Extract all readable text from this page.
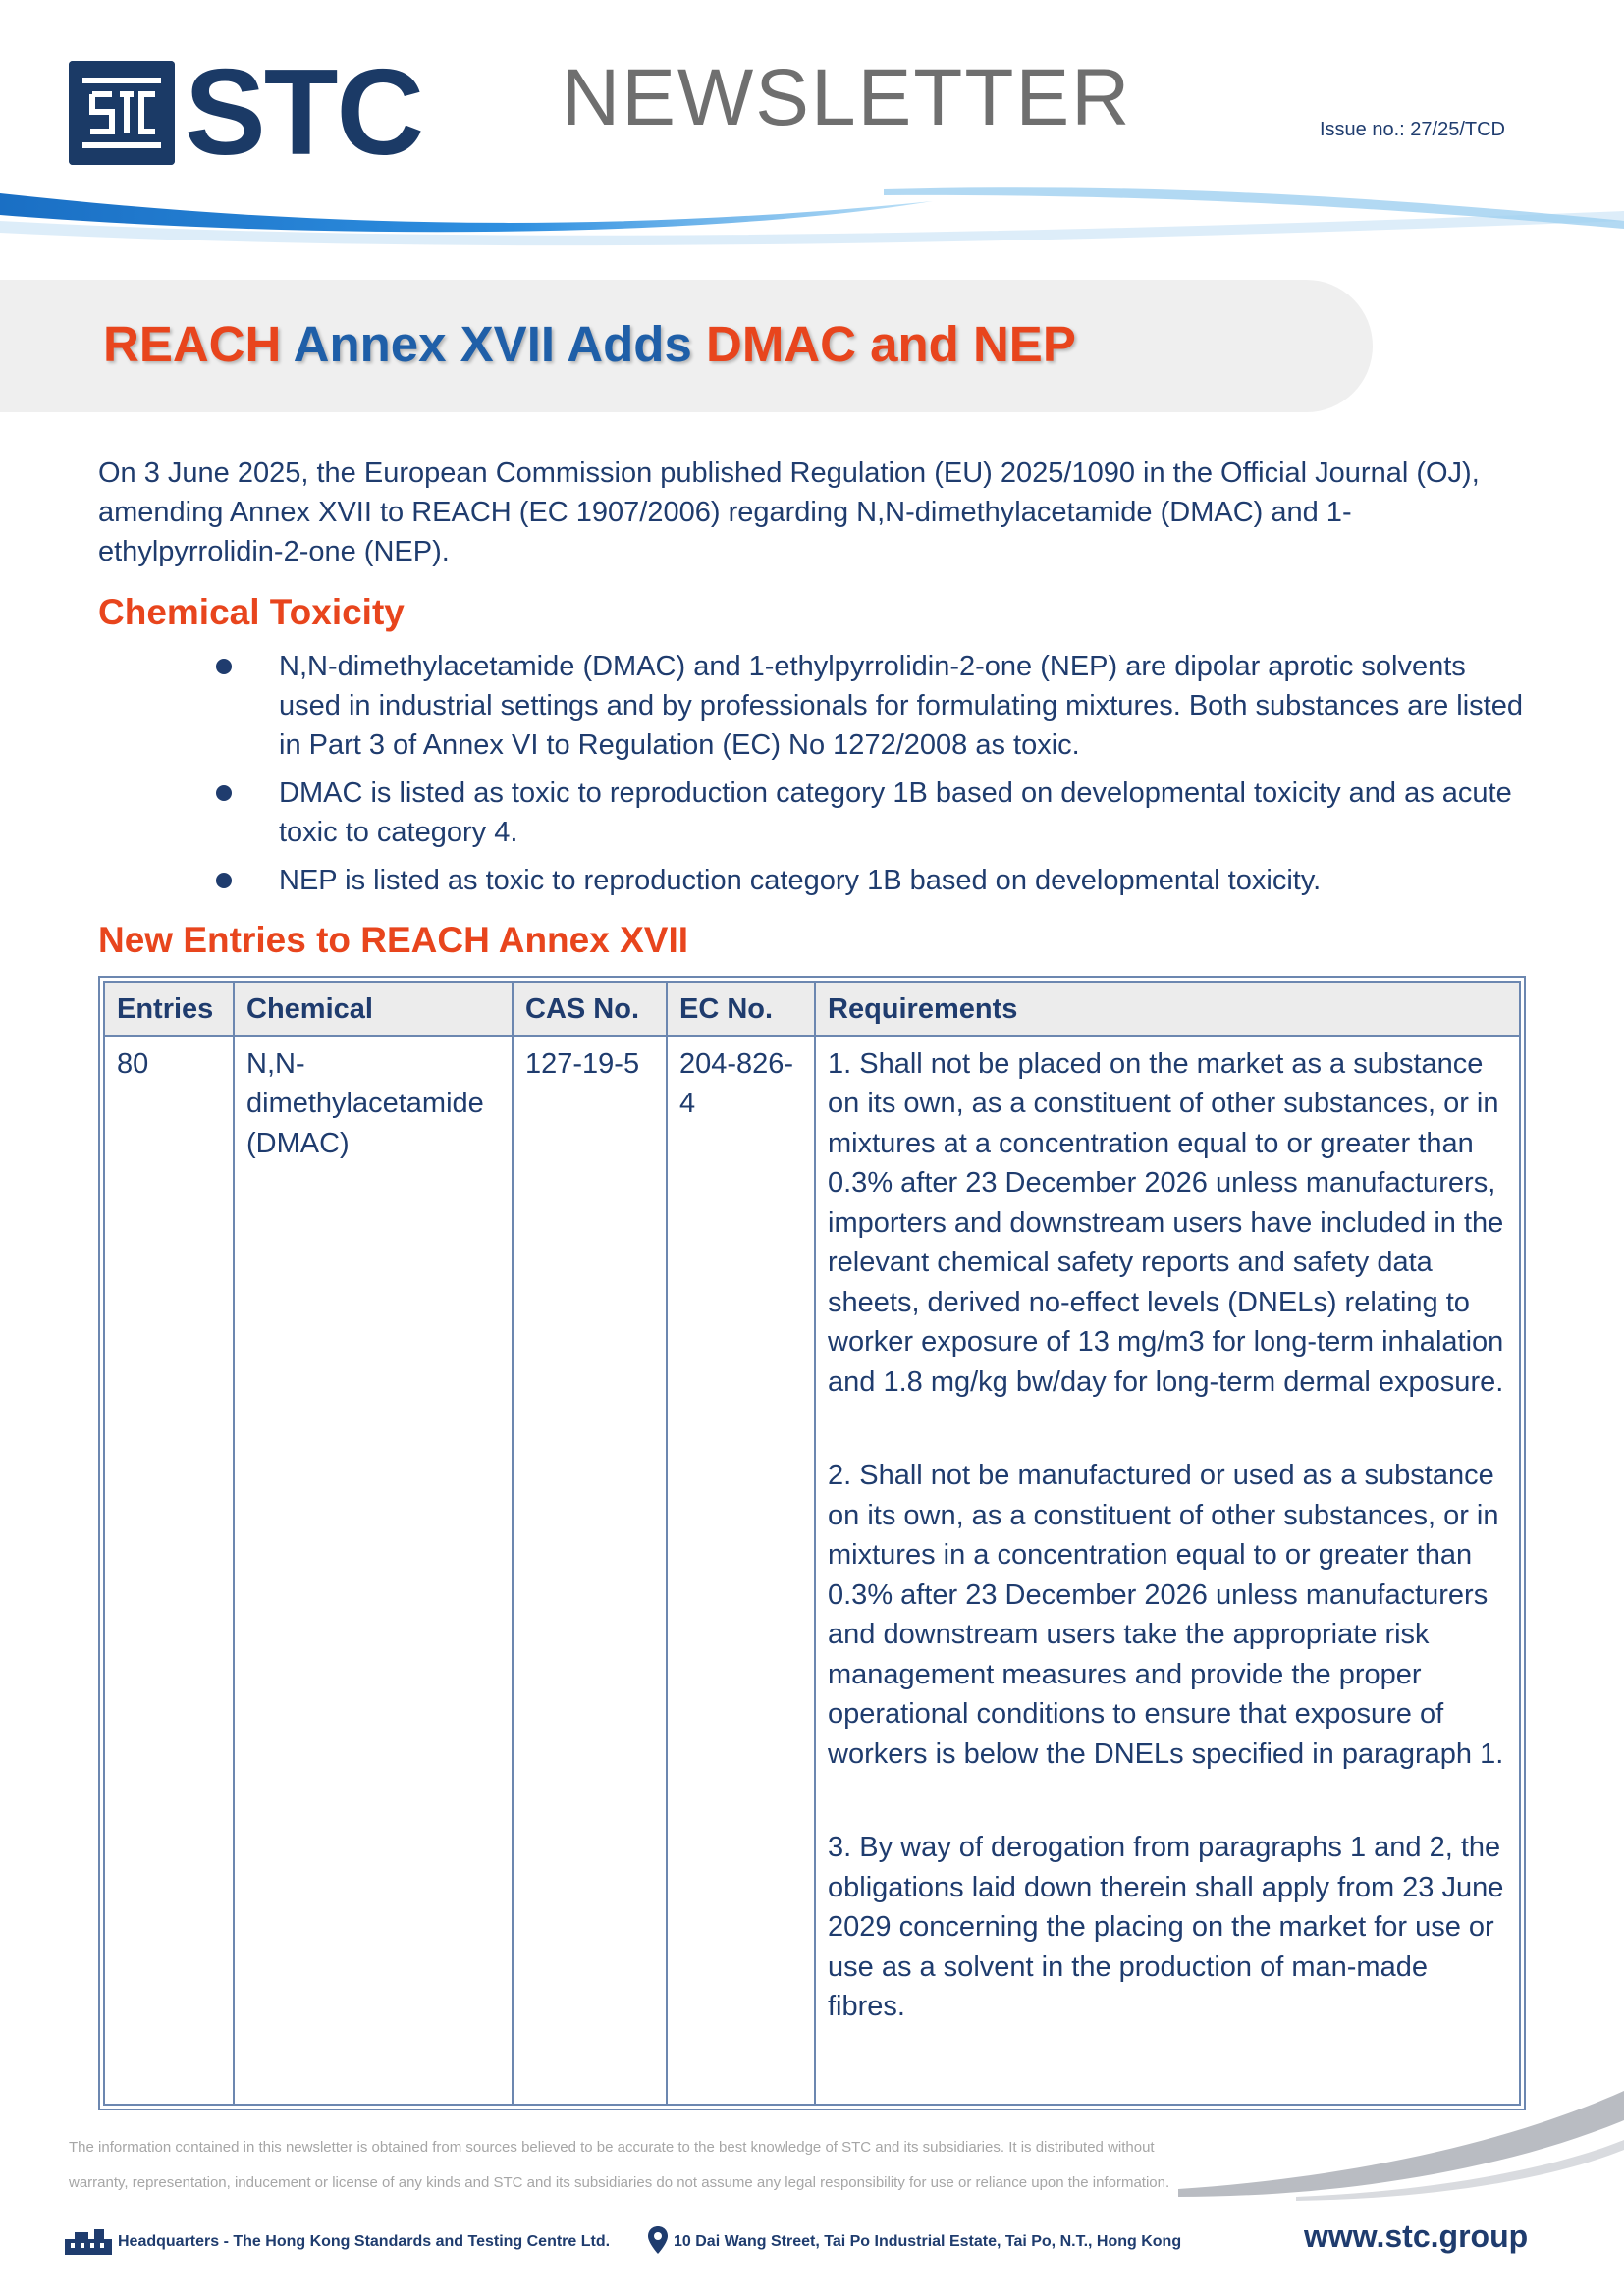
STC NEWSLETTER	Issue no.: 27/25/TCD
REACH Annex XVII Adds DMAC and NEP
On 3 June 2025, the European Commission published Regulation (EU) 2025/1090 in the Official Journal (OJ), amending Annex XVII to REACH (EC 1907/2006) regarding N,N-dimethylacetamide (DMAC) and 1-ethylpyrrolidin-2-one (NEP).
Chemical Toxicity
N,N-dimethylacetamide (DMAC) and 1-ethylpyrrolidin-2-one (NEP) are dipolar aprotic solvents used in industrial settings and by professionals for formulating mixtures. Both substances are listed in Part 3 of Annex VI to Regulation (EC) No 1272/2008 as toxic.
DMAC is listed as toxic to reproduction category 1B based on developmental toxicity and as acute toxic to category 4.
NEP is listed as toxic to reproduction category 1B based on developmental toxicity.
New Entries to REACH Annex XVII
Entries	Chemical	CAS No.	EC No.	Requirements
80	N,N-dimethylacetamide (DMAC)	127-19-5	204-826-4	1. Shall not be placed on the market as a substance on its own, as a constituent of other substances, or in mixtures at a concentration equal to or greater than 0.3% after 23 December 2026 unless manufacturers, importers and downstream users have included in the relevant chemical safety reports and safety data sheets, derived no-effect levels (DNELs) relating to worker exposure of 13 mg/m3 for long-term inhalation and 1.8 mg/kg bw/day for long-term dermal exposure.

2. Shall not be manufactured or used as a substance on its own, as a constituent of other substances, or in mixtures in a concentration equal to or greater than 0.3% after 23 December 2026 unless manufacturers and downstream users take the appropriate risk management measures and provide the proper operational conditions to ensure that exposure of workers is below the DNELs specified in paragraph 1.

3. By way of derogation from paragraphs 1 and 2, the obligations laid down therein shall apply from 23 June 2029 concerning the placing on the market for use or use as a solvent in the production of man-made fibres.

The information contained in this newsletter is obtained from sources believed to be accurate to the best knowledge of STC and its subsidiaries. It is distributed without
warranty, representation, inducement or license of any kinds and STC and its subsidiaries do not assume any legal responsibility for use or reliance upon the information.
Headquarters - The Hong Kong Standards and Testing Centre Ltd.	10 Dai Wang Street, Tai Po Industrial Estate, Tai Po, N.T., Hong Kong	www.stc.group
